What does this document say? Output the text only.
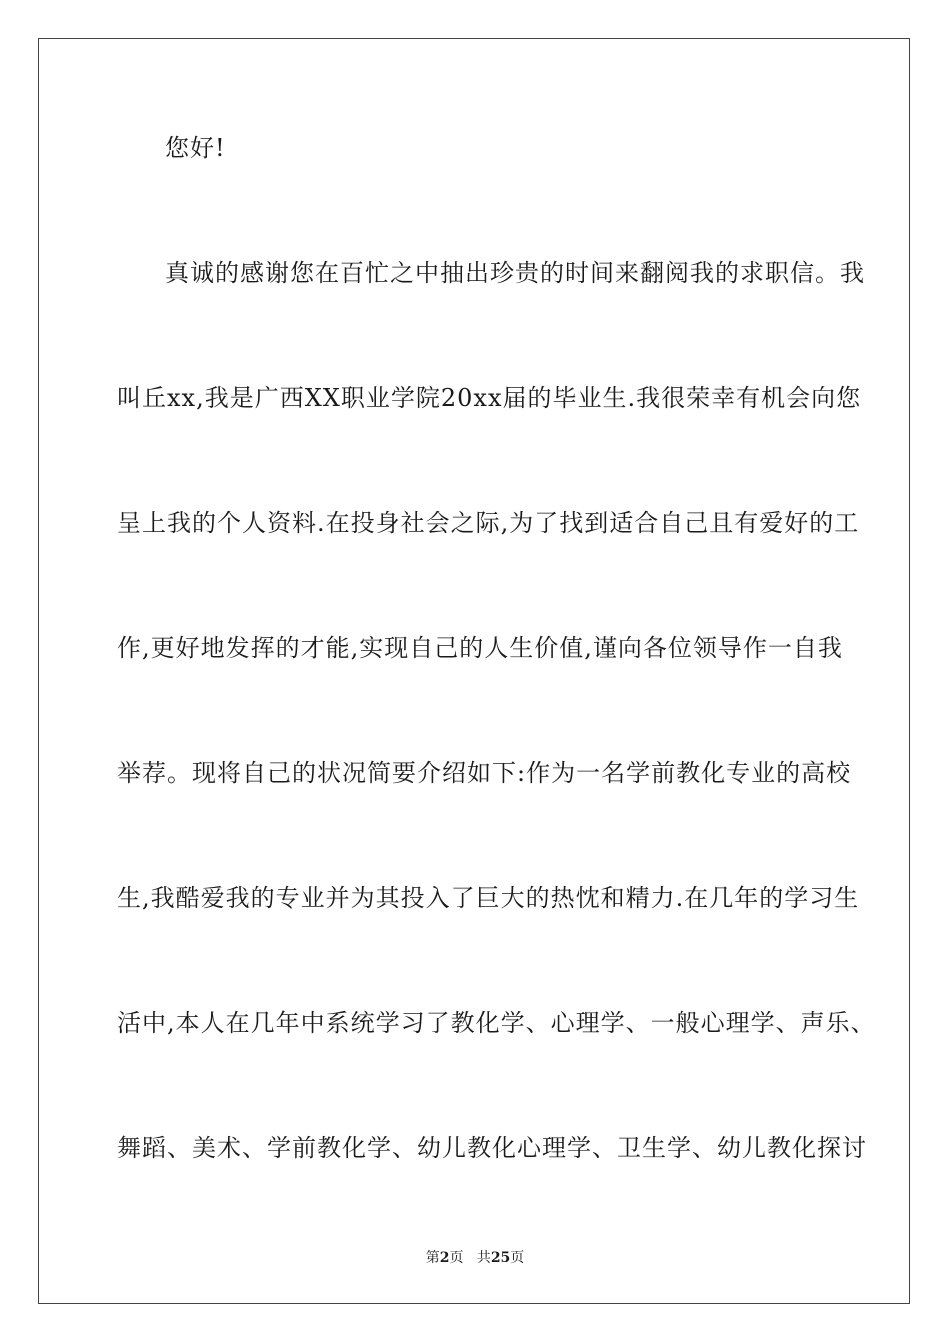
您好!
真诚的感谢您在百忙之中抽出珍贵的时间来翻阅我的求职信。我
叫丘xx,我是广西XX职业学院20xx届的毕业生.我很荣幸有机会向您
呈上我的个人资料.在投身社会之际,为了找到适合自己且有爱好的工
作,更好地发挥的才能,实现自己的人生价值,谨向各位领导作一自我
举荐。现将自己的状况简要介绍如下:作为一名学前教化专业的高校
生,我酷爱我的专业并为其投入了巨大的热忱和精力.在几年的学习生
活中,本人在几年中系统学习了教化学、心理学、一般心理学、声乐、
舞蹈、美术、学前教化学、幼儿教化心理学、卫生学、幼儿教化探讨
第2页 共25页
